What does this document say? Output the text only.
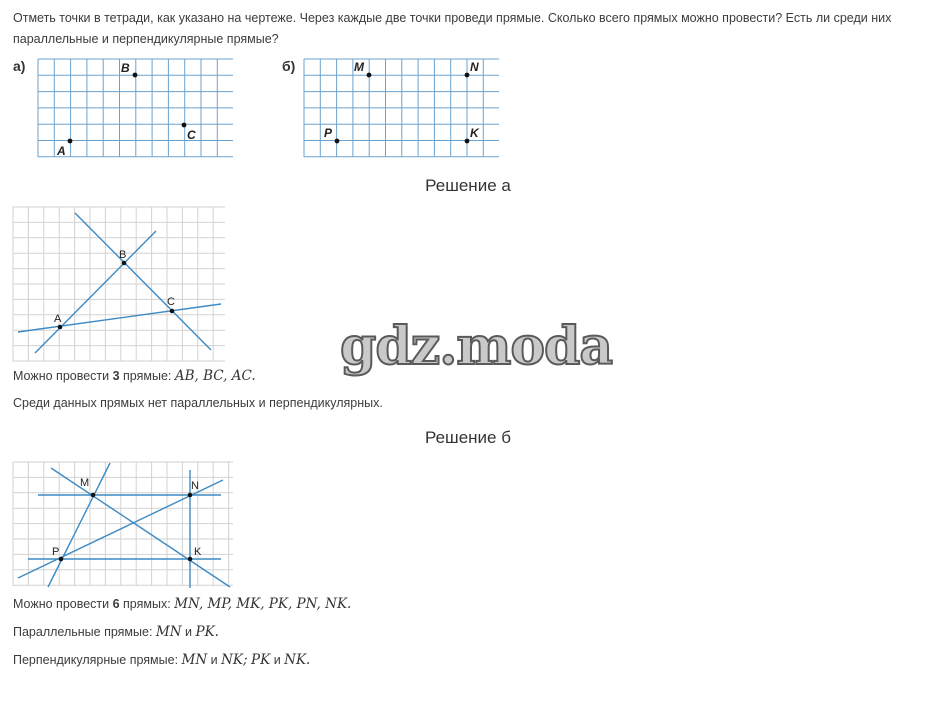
Отметь точки в тетради, как указано на чертеже. Через каждые две точки проведи прямые. Сколько всего прямых можно провести? Есть ли среди них параллельные и перпендикулярные прямые?
а)
A
B
C
б)	M	N
P	K
Решение а
A
B
C
gdz.moda
Можно провести 3 прямые: AB, BC, AC.
Среди данных прямых нет параллельных и перпендикулярных.
Решение б
M	N
P	K
Можно провести 6 прямых: MN, MP, MK, PK, PN, NK.
Параллельные прямые: MN и PK.
Перпендикулярные прямые: MN и NK; PK и NK.
